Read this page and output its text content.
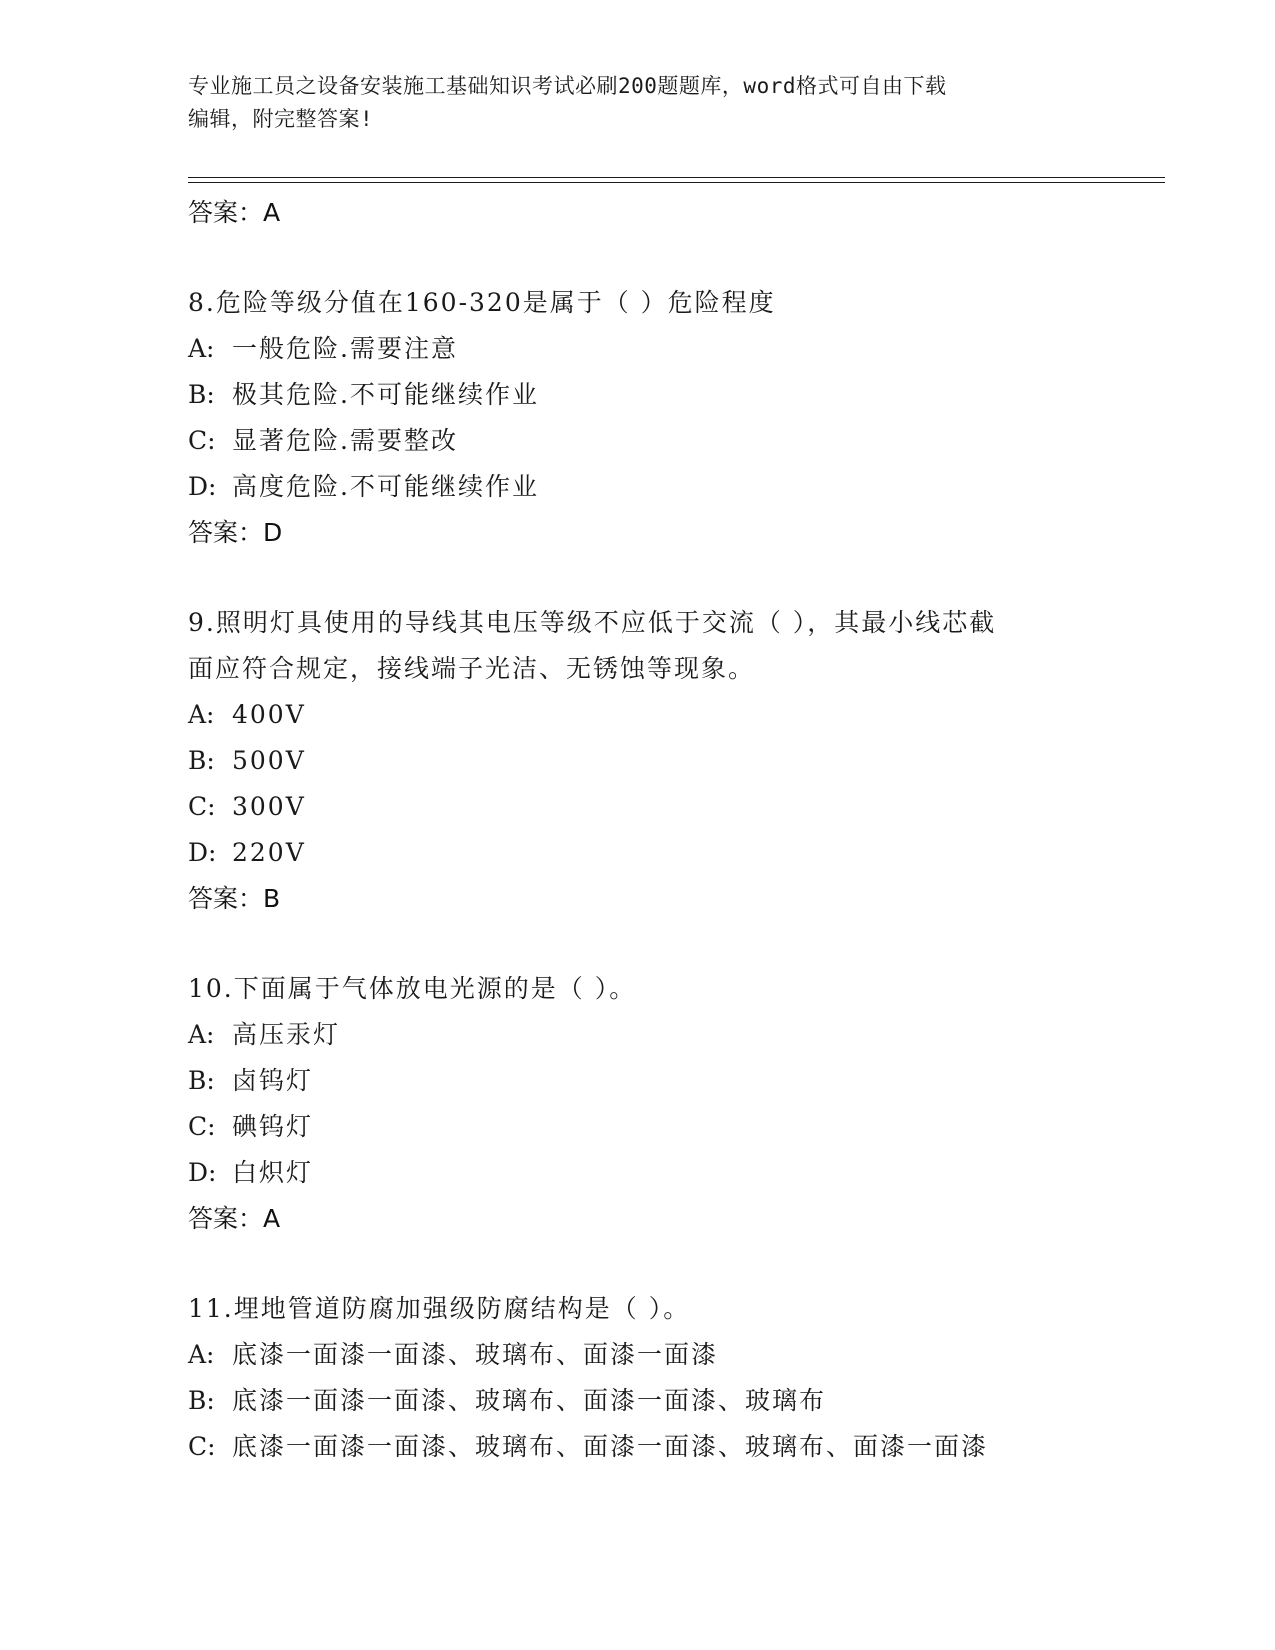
专业施工员之设备安装施工基础知识考试必刷200题题库，word格式可自由下载
编辑，附完整答案!
答案：A
8.危险等级分值在160-320是属于（ ）危险程度
A: 一般危险.需要注意
B: 极其危险.不可能继续作业
C: 显著危险.需要整改
D: 高度危险.不可能继续作业
答案：D
9.照明灯具使用的导线其电压等级不应低于交流（ ），其最小线芯截
面应符合规定，接线端子光洁、无锈蚀等现象。
A: 400V
B: 500V
C: 300V
D: 220V
答案：B
10.下面属于气体放电光源的是（ ）。
A: 高压汞灯
B: 卤钨灯
C: 碘钨灯
D: 白炽灯
答案：A
11.埋地管道防腐加强级防腐结构是（ ）。
A: 底漆一面漆一面漆、玻璃布、面漆一面漆
B: 底漆一面漆一面漆、玻璃布、面漆一面漆、玻璃布
C: 底漆一面漆一面漆、玻璃布、面漆一面漆、玻璃布、面漆一面漆
